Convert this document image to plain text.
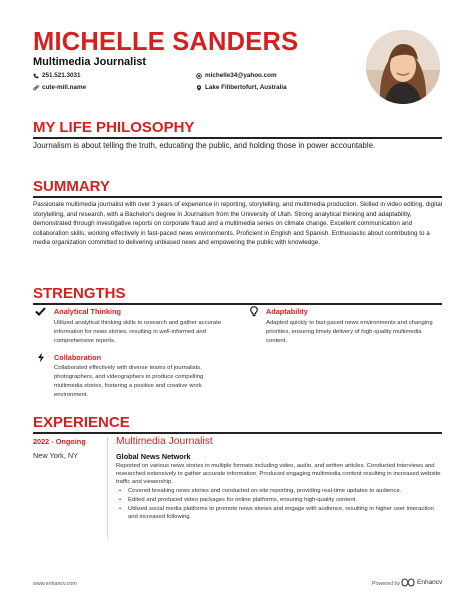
MICHELLE SANDERS
Multimedia Journalist
251.521.3031	michelle34@yahoo.com
cute-mill.name	Lake Filibertofurt, Australia
MY LIFE PHILOSOPHY
Journalism is about telling the truth, educating the public, and holding those in power accountable.
SUMMARY
Passionate multimedia journalist with over 3 years of experience in reporting, storytelling, and multimedia production. Skilled in video editing, digital storytelling, and research, with a Bachelor's degree in Journalism from the University of Utah. Strong analytical thinking and adaptability, demonstrated through investigative reports on corporate fraud and a multimedia series on climate change. Excellent communication and collaboration skills, working effectively in fast-paced news environments. Proficient in English and Spanish. Enthusiastic about contributing to a media organization committed to delivering unbiased news and empowering the public with knowledge.
STRENGTHS
Analytical Thinking
Utilized analytical thinking skills to research and gather accurate information for news stories, resulting in well-informed and comprehensive reports.
Adaptability
Adapted quickly to fast-paced news environments and changing priorities, ensuring timely delivery of high-quality multimedia content.
Collaboration
Collaborated effectively with diverse teams of journalists, photographers, and videographers to produce compelling multimedia stories, fostering a positive and creative work environment.
EXPERIENCE
2022 - Ongoing
New York, NY
Multimedia Journalist
Global News Network
Reported on various news stories in multiple formats including video, audio, and written articles. Conducted interviews and researched extensively to gather accurate information. Produced engaging multimedia content resulting in increased website traffic and viewership.
• Covered breaking news stories and conducted on-site reporting, providing real-time updates to audience.
• Edited and produced video packages for online platforms, ensuring high-quality content.
• Utilized social media platforms to promote news stories and engage with audience, resulting in higher user interaction and increased following.
www.enhancv.com	Powered by	Enhancv
